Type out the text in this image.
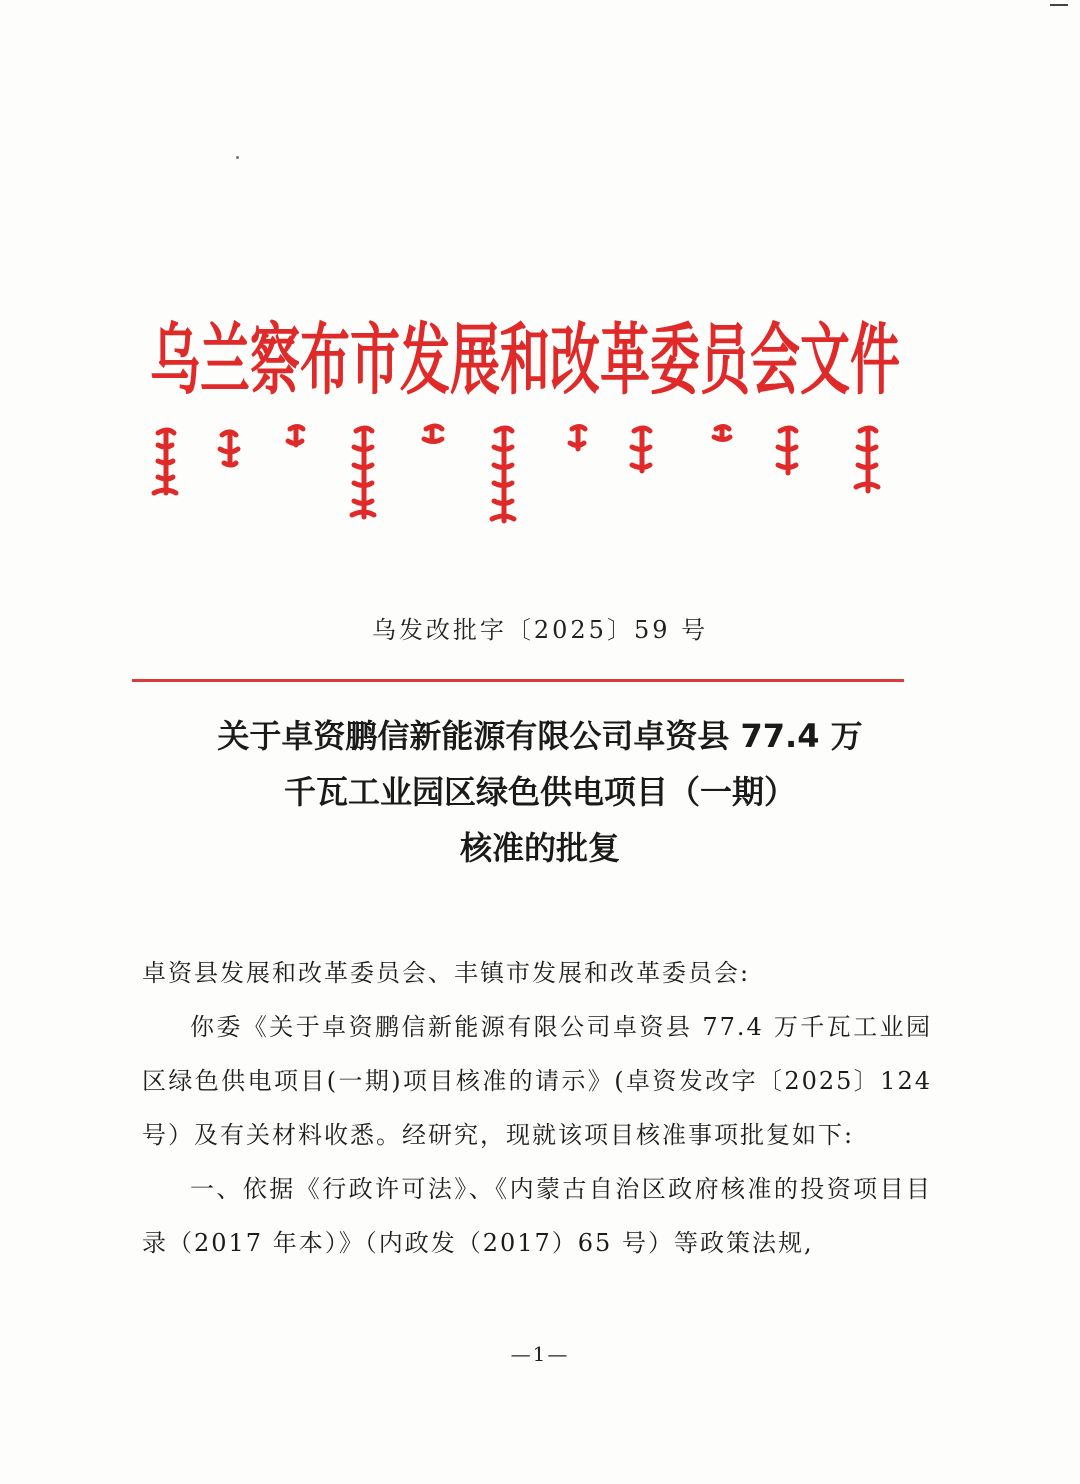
乌兰察布市发展和改革委员会文件
乌发改批字〔2025〕59 号
关于卓资鹏信新能源有限公司卓资县 77.4 万
千瓦工业园区绿色供电项目（一期）
核准的批复

卓资县发展和改革委员会、丰镇市发展和改革委员会:

你委《关于卓资鹏信新能源有限公司卓资县 77.4 万千瓦工业园区绿色供电项目(一期)项目核准的请示》(卓资发改字〔2025〕124 号）及有关材料收悉。经研究，现就该项目核准事项批复如下:

一、依据《行政许可法》、《内蒙古自治区政府核准的投资项目目录（2017 年本）》（内政发（2017）65 号）等政策法规,

—1—
